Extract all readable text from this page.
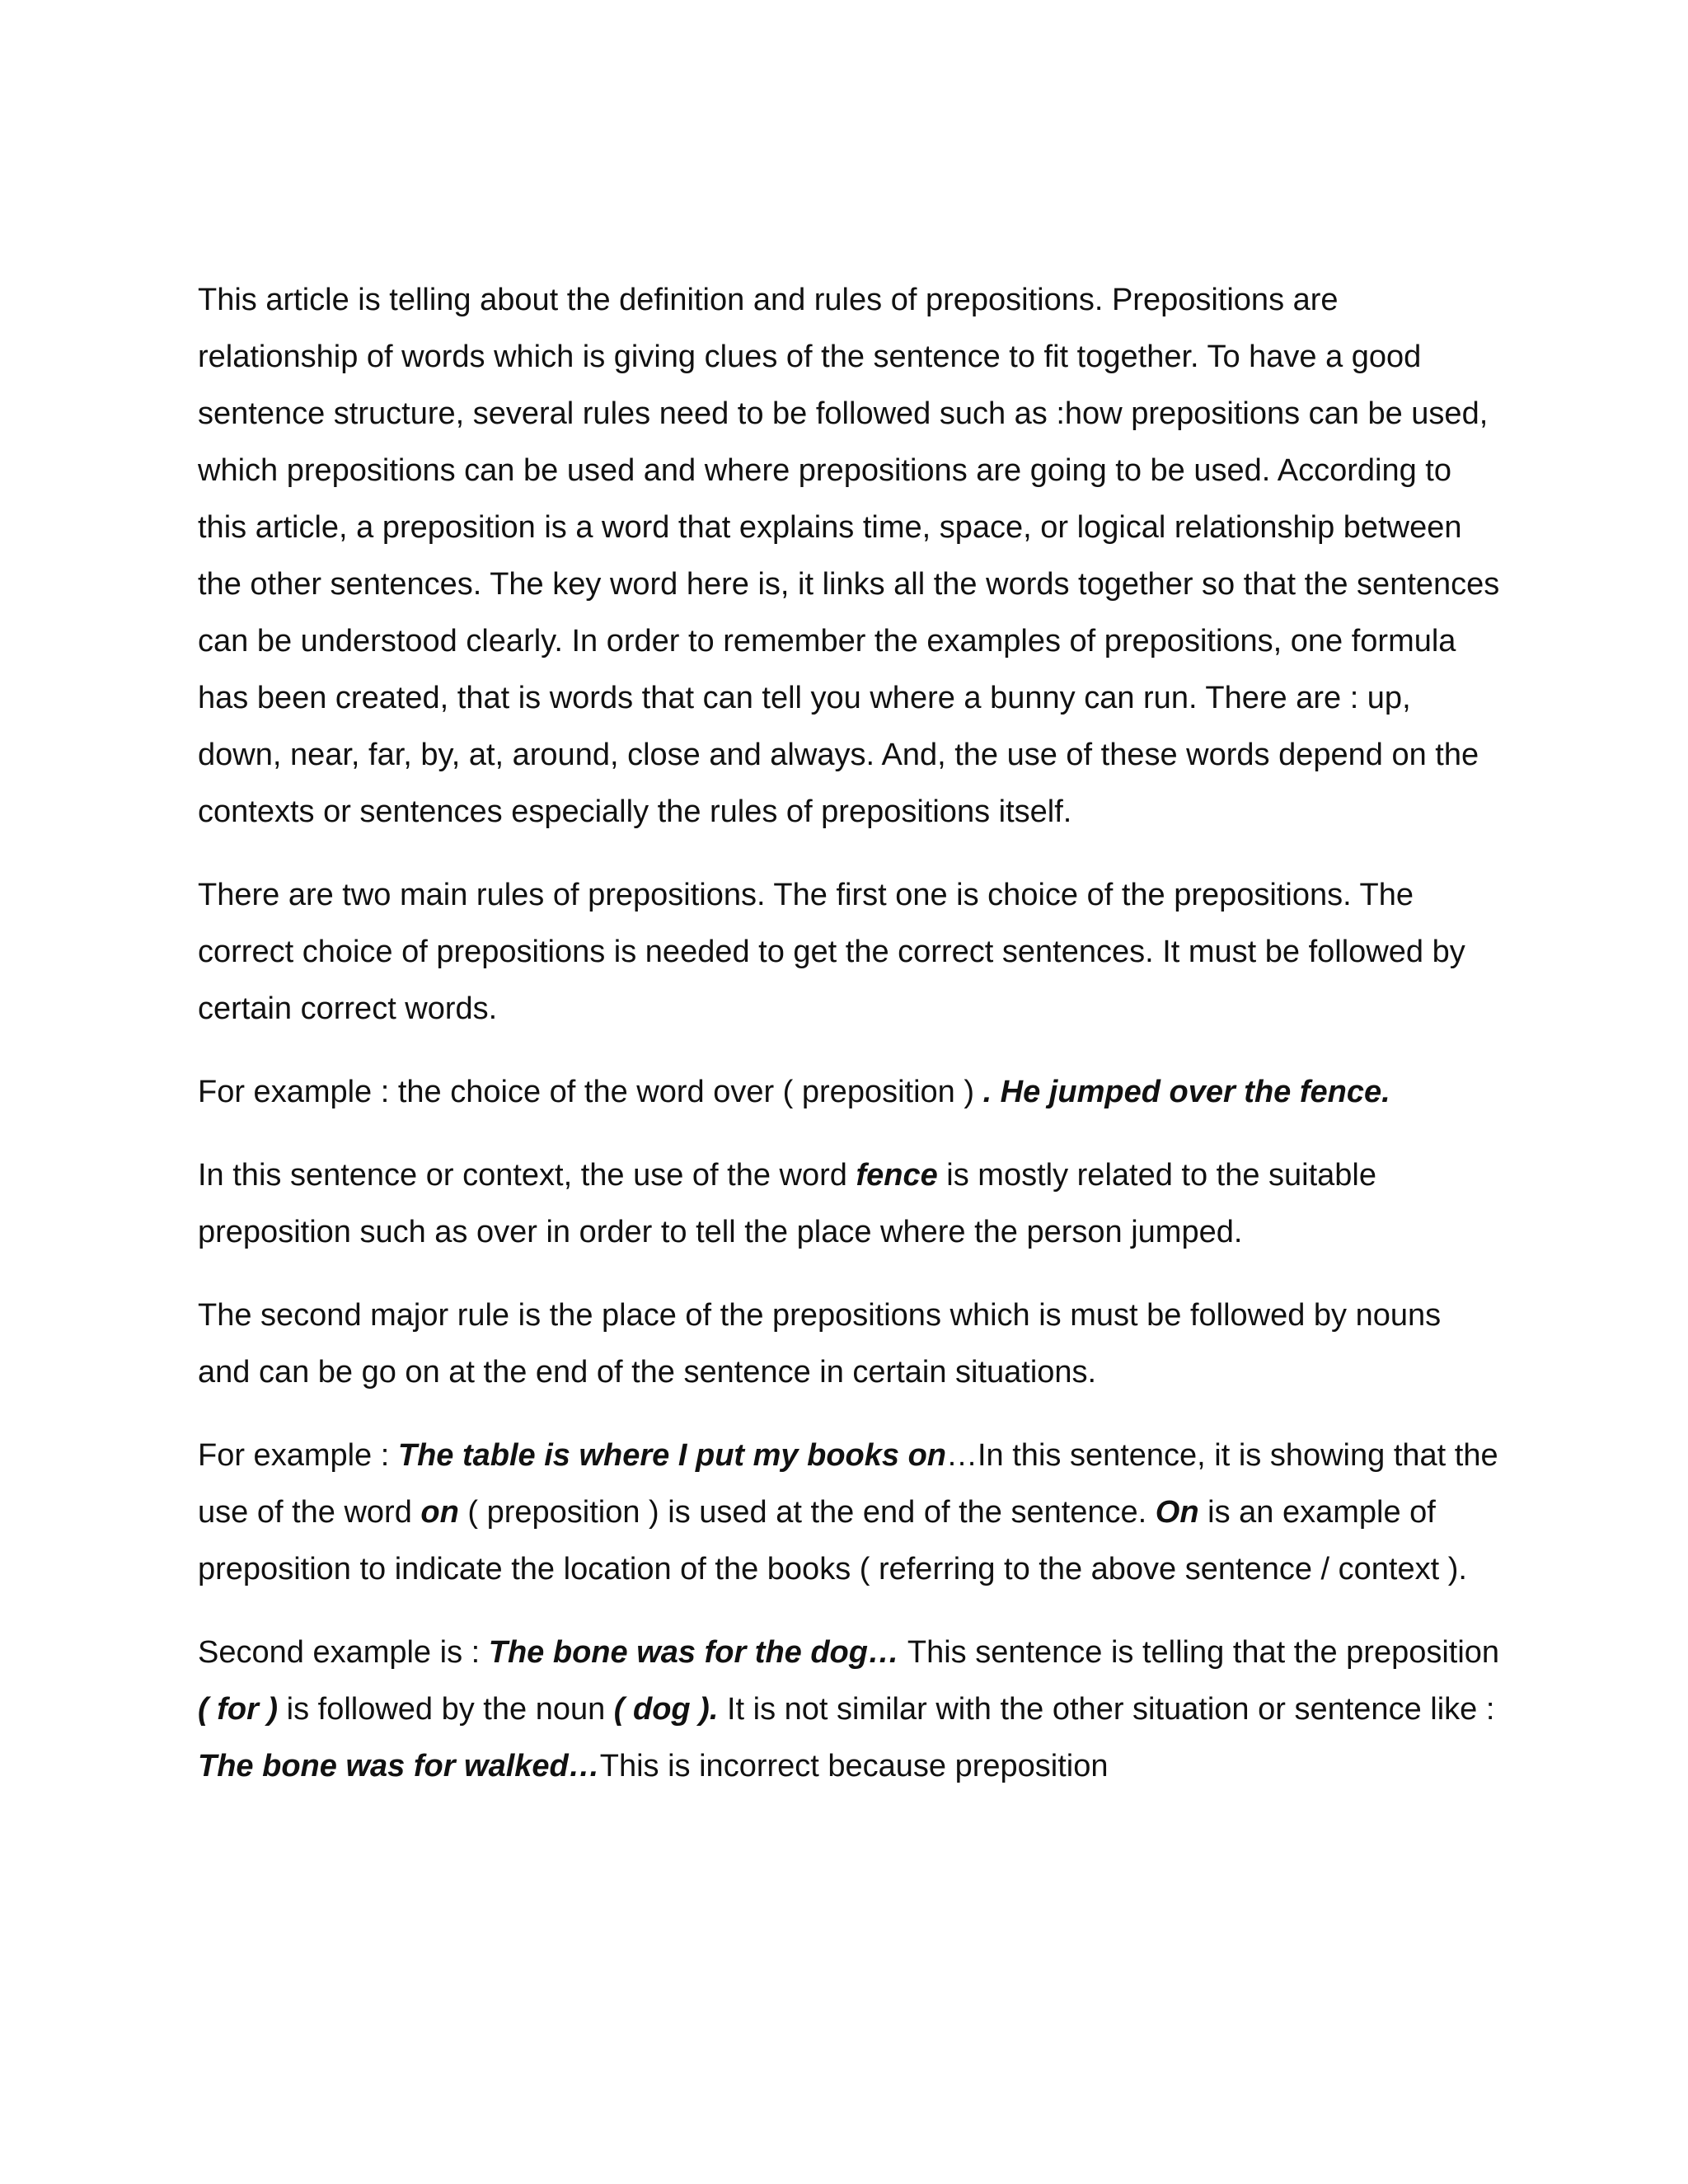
This article is telling about the definition and rules of prepositions. Prepositions are relationship of words which is giving clues of the sentence to fit together. To have a good sentence structure, several rules need to be followed such as :how prepositions can be used, which prepositions can be used and where prepositions are going to be used. According to this article, a preposition is a word that explains time, space, or logical relationship between the other sentences. The key word here is, it links all the words together so that the sentences can be understood clearly. In order to remember the examples of prepositions, one formula has been created, that is words that can tell you where a bunny can run. There are : up, down, near, far, by, at, around, close and always. And, the use of these words depend on the contexts or sentences especially the rules of prepositions itself.

There are two main rules of prepositions. The first one is choice of the prepositions. The correct choice of prepositions is needed to get the correct sentences. It must be followed by certain correct words.

For example : the choice of the word over ( preposition ) . He jumped over the fence.

In this sentence or context, the use of the word fence is mostly related to the suitable preposition such as over in order to tell the place where the person jumped.

The second major rule is the place of the prepositions which is must be followed by nouns and can be go on at the end of the sentence in certain situations.

For example : The table is where I put my books on…In this sentence, it is showing that the use of the word on ( preposition ) is used at the end of the sentence. On is an example of preposition to indicate the location of the books ( referring to the above sentence / context ).

Second example is : The bone was for the dog… This sentence is telling that the preposition ( for ) is followed by the noun ( dog ). It is not similar with the other situation or sentence like : The bone was for walked…This is incorrect because preposition
